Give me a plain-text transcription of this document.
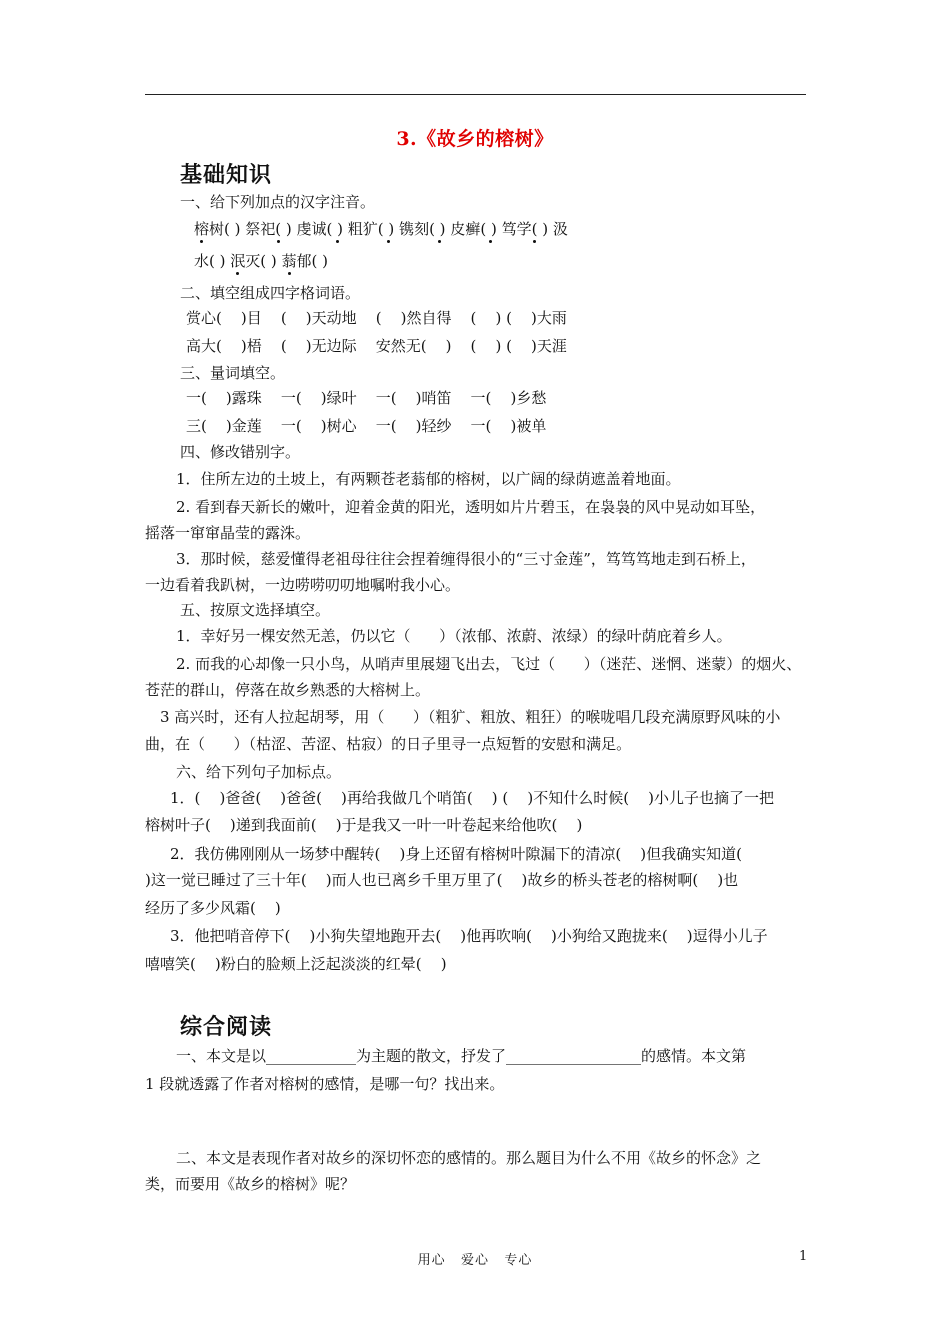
3.《故乡的榕树》
基础知识
一、给下列加点的汉字注音。
榕树( ) 祭祀( ) 虔诚( ) 粗犷( ) 镌刻( ) 皮癣( ) 笃学( ) 汲
水( ) 泯灭( ) 蓊郁( )
二、填空组成四字格词语。
赏心(    )目    (    )天动地    (    )然自得    (    ) (    )大雨
高大(    )梧    (    )无边际    安然无(    )    (    ) (    )天涯
三、量词填空。
一(    )露珠    一(    )绿叶    一(    )哨笛    一(    )乡愁
三(    )金莲    一(    )树心    一(    )轻纱    一(    )被单
四、修改错别字。
1．住所左边的土坡上，有两颗苍老蓊郁的榕树，以广阔的绿荫遮盖着地面。
2. 看到春天新长的嫩叶，迎着金黄的阳光，透明如片片碧玉，在袅袅的风中晃动如耳坠，
摇落一窜窜晶莹的露洙。
3．那时候，慈爱懂得老祖母往往会捏着缠得很小的“三寸金莲”，笃笃笃地走到石桥上，
一边看着我趴树，一边唠唠叨叨地嘱咐我小心。
五、按原文选择填空。
1．幸好另一棵安然无恙，仍以它（      ）（浓郁、浓蔚、浓绿）的绿叶荫庇着乡人。
2. 而我的心却像一只小鸟，从哨声里展翅飞出去，飞过（      ）（迷茫、迷惘、迷蒙）的烟火、
苍茫的群山，停落在故乡熟悉的大榕树上。
3 高兴时，还有人拉起胡琴，用（      ）（粗犷、粗放、粗狂）的喉咙唱几段充满原野风味的小
曲，在（      ）（枯涩、苦涩、枯寂）的日子里寻一点短暂的安慰和满足。
六、给下列句子加标点。
1．(    )爸爸(    )爸爸(    )再给我做几个哨笛(    ) (    )不知什么时候(    )小儿子也摘了一把
榕树叶子(    )递到我面前(    )于是我又一叶一叶卷起来给他吹(    )
2．我仿佛刚刚从一场梦中醒转(    )身上还留有榕树叶隙漏下的清凉(    )但我确实知道(
)这一觉已睡过了三十年(    )而人也已离乡千里万里了(    )故乡的桥头苍老的榕树啊(    )也
经历了多少风霜(    )
3．他把哨音停下(    )小狗失望地跑开去(    )他再吹响(    )小狗给又跑拢来(    )逗得小儿子
嘻嘻笑(    )粉白的脸颊上泛起淡淡的红晕(    )
综合阅读
一、本文是以____________为主题的散文，抒发了__________________的感情。本文第
1 段就透露了作者对榕树的感情，是哪一句？找出来。
二、本文是表现作者对故乡的深切怀恋的感情的。那么题目为什么不用《故乡的怀念》之
类，而要用《故乡的榕树》呢？
用心   爱心   专心	1
